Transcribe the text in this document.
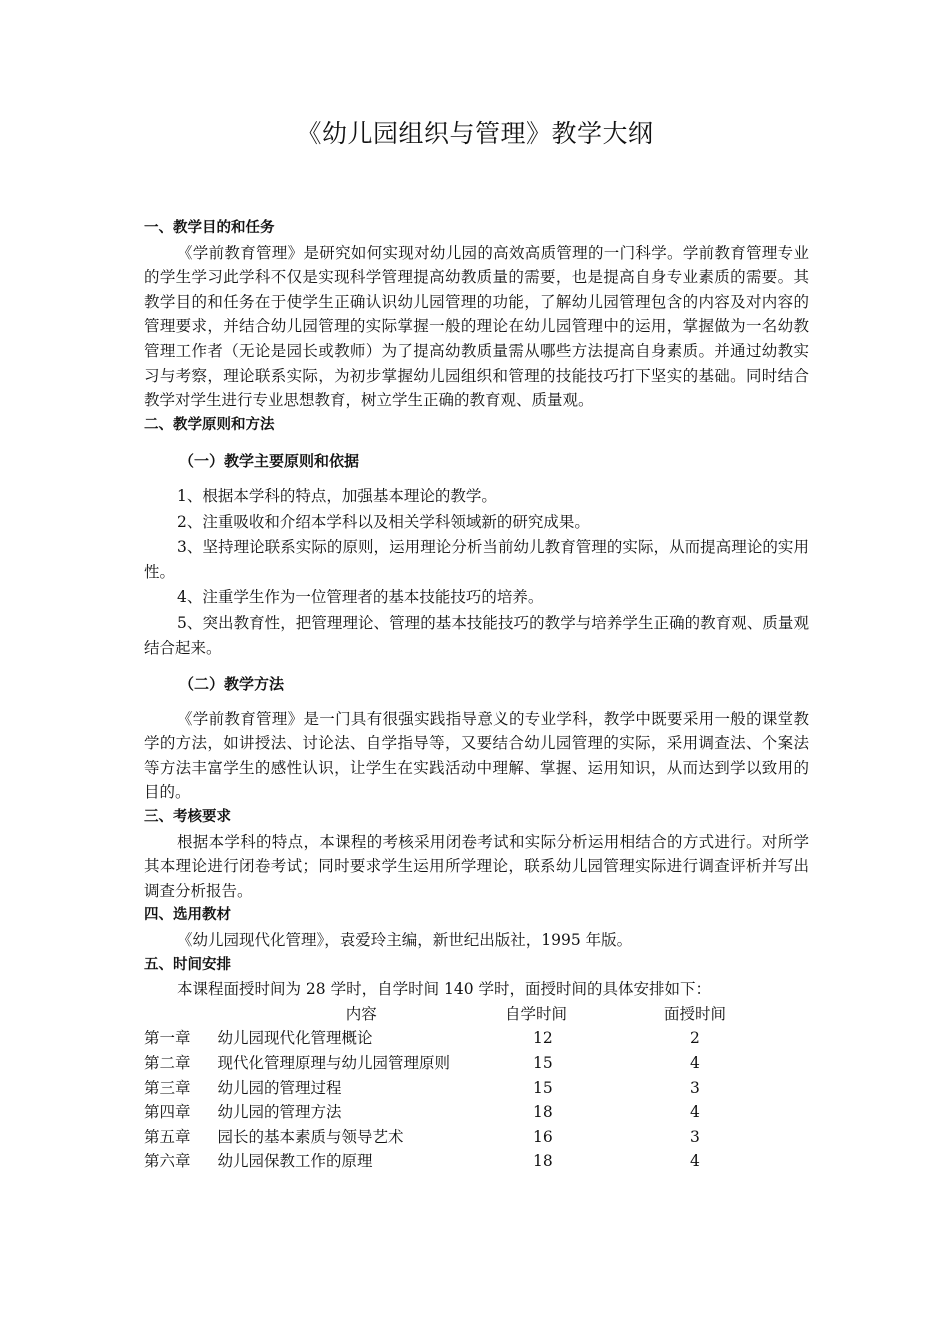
《幼儿园组织与管理》教学大纲

一、教学目的和任务

《学前教育管理》是研究如何实现对幼儿园的高效高质管理的一门科学。学前教育管理专业的学生学习此学科不仅是实现科学管理提高幼教质量的需要，也是提高自身专业素质的需要。其教学目的和任务在于使学生正确认识幼儿园管理的功能，了解幼儿园管理包含的内容及对内容的管理要求，并结合幼儿园管理的实际掌握一般的理论在幼儿园管理中的运用，掌握做为一名幼教管理工作者（无论是园长或教师）为了提高幼教质量需从哪些方法提高自身素质。并通过幼教实习与考察，理论联系实际，为初步掌握幼儿园组织和管理的技能技巧打下坚实的基础。同时结合教学对学生进行专业思想教育，树立学生正确的教育观、质量观。

二、教学原则和方法

（一）教学主要原则和依据

1、根据本学科的特点，加强基本理论的教学。

2、注重吸收和介绍本学科以及相关学科领域新的研究成果。

3、坚持理论联系实际的原则，运用理论分析当前幼儿教育管理的实际，从而提高理论的实用性。

4、注重学生作为一位管理者的基本技能技巧的培养。

5、突出教育性，把管理理论、管理的基本技能技巧的教学与培养学生正确的教育观、质量观结合起来。

（二）教学方法

《学前教育管理》是一门具有很强实践指导意义的专业学科，教学中既要采用一般的课堂教学的方法，如讲授法、讨论法、自学指导等，又要结合幼儿园管理的实际，采用调查法、个案法等方法丰富学生的感性认识，让学生在实践活动中理解、掌握、运用知识，从而达到学以致用的目的。

三、考核要求

根据本学科的特点，本课程的考核采用闭卷考试和实际分析运用相结合的方式进行。对所学其本理论进行闭卷考试；同时要求学生运用所学理论，联系幼儿园管理实际进行调查评析并写出调查分析报告。

四、选用教材

《幼儿园现代化管理》，袁爱玲主编，新世纪出版社，1995 年版。

五、时间安排

本课程面授时间为 28 学时，自学时间 140 学时，面授时间的具体安排如下：

	内容	自学时间	面授时间
第一章	幼儿园现代化管理概论	12	2
第二章	现代化管理原理与幼儿园管理原则	15	4
第三章	幼儿园的管理过程	15	3
第四章	幼儿园的管理方法	18	4
第五章	园长的基本素质与领导艺术	16	3
第六章	幼儿园保教工作的原理	18	4
